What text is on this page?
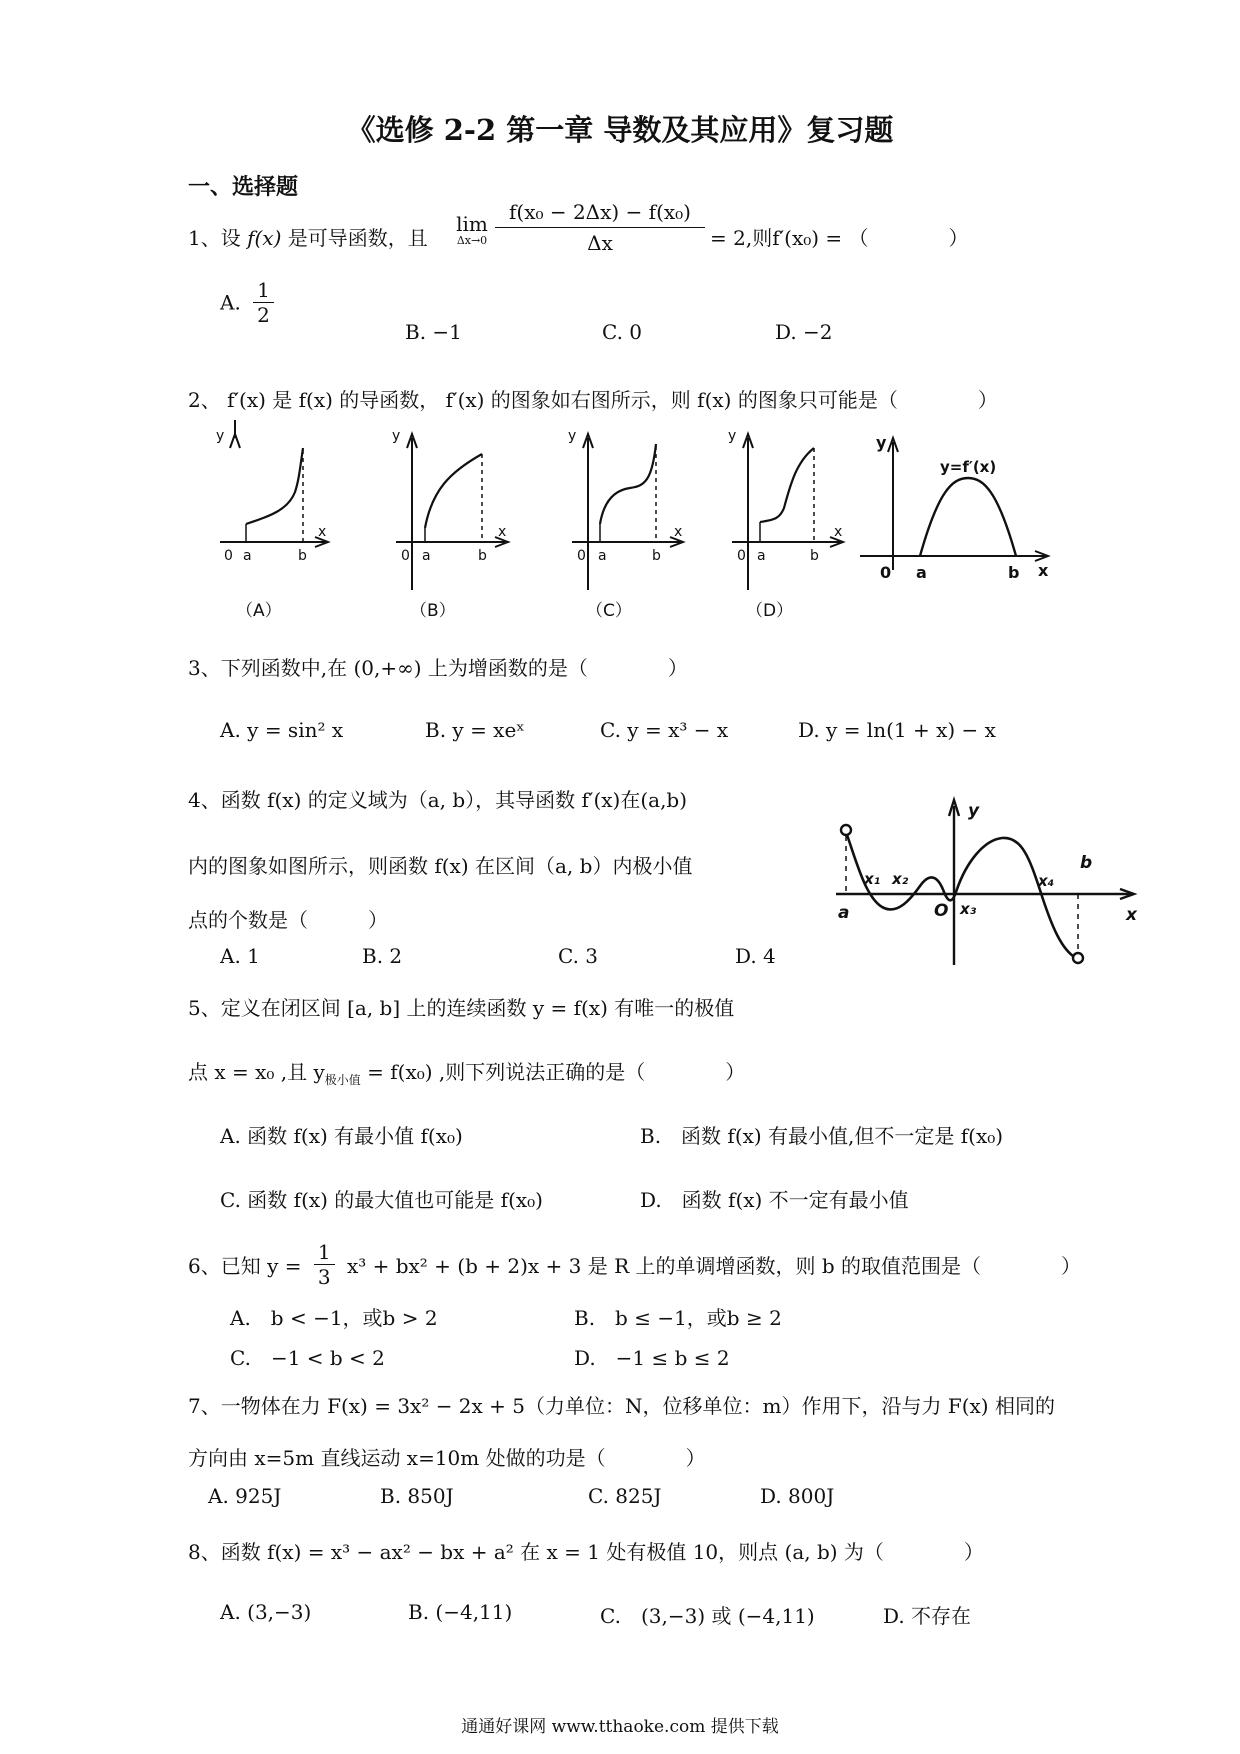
《选修 2-2 第一章 导数及其应用》复习题
一、选择题
1、设 f(x) 是可导函数，且
lim
$\Delta x\to 0 \frac{\text{f(x₀ − 2Δx) − f(x₀)}}{\Delta x} = 2$,则f′(x₀) = （　　　　）
A. $\frac{1}{2}$
B. −1	C. 0	D. −2
2、 f′(x) 是 f(x) 的导函数， f′(x) 的图象如右图所示，则 f(x) 的图象只可能是（　　　　）
y
x
0 a	b
y
x
0 a	b
y
x
0 a	b
y
x
0 a	b
y
x
0 a	b
y=f′(x)
（A）	（B）	（C）	（D）
3、下列函数中,在 (0,+∞) 上为增函数的是（　　　　）
A. y = sin² x	B. y = xeˣ	C. y = x³ − x	D. y = ln(1 + x) − x
4、函数 f(x) 的定义域为（a, b），其导函数 f′(x)在(a,b)
内的图象如图所示，则函数 f(x) 在区间（a, b）内极小值
点的个数是（　　　）
A. 1	B. 2	C. 3	D. 4
y
x
O
a
b
x₁ x₂
x₃
x₄
5、定义在闭区间 [a, b] 上的连续函数 y = f(x) 有唯一的极值
点 x = x₀ ,且 $y_{极小值} = f(x_0)$ ,则下列说法正确的是（　　　　）
A. 函数 f(x) 有最小值 f(x₀)	B.　函数 f(x) 有最小值,但不一定是 f(x₀)
C. 函数 f(x) 的最大值也可能是 f(x₀)	D.　函数 f(x) 不一定有最小值
6、已知 $y = \frac{1}{3} x^3 + bx^2 + (b + 2)x + 3$ 是 R 上的单调增函数，则 b 的取值范围是（　　　　）
A.　b < −1，或b > 2	B.　b ≤ −1，或b ≥ 2
C.　−1 < b < 2	D.　−1 ≤ b ≤ 2
7、一物体在力 F(x) = 3x² − 2x + 5（力单位：N，位移单位：m）作用下，沿与力 F(x) 相同的
方向由 x=5m 直线运动 x=10m 处做的功是（　　　　）
A. 925J	B. 850J	C. 825J	D. 800J
8、函数 f(x) = x³ − ax² − bx + a² 在 x = 1 处有极值 10，则点 (a, b) 为（　　　　）
A. (3,−3)	B. (−4,11)	C.　(3,−3) 或 (−4,11)	D. 不存在
通通好课网 www.tthaoke.com 提供下载
